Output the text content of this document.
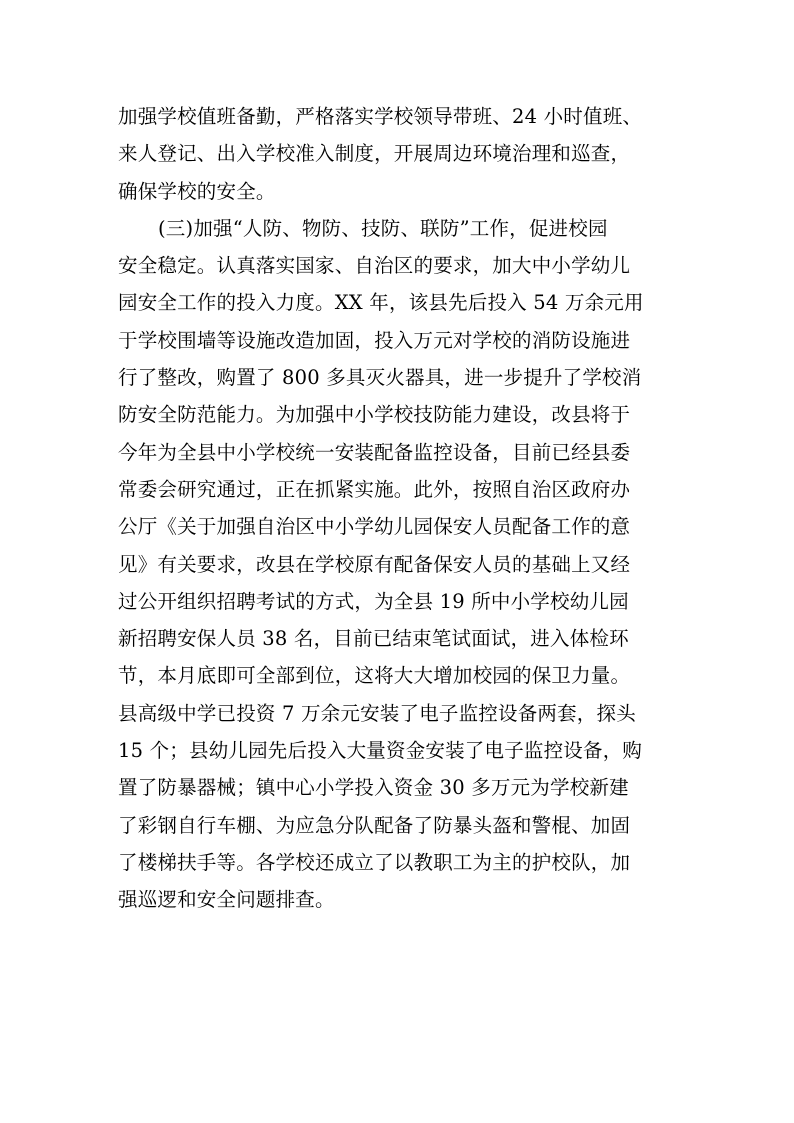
加强学校值班备勤，严格落实学校领导带班、24 小时值班、
来人登记、出入学校准入制度，开展周边环境治理和巡查，
确保学校的安全。
(三)加强“人防、物防、技防、联防”工作，促进校园
安全稳定。认真落实国家、自治区的要求，加大中小学幼儿
园安全工作的投入力度。XX 年，该县先后投入 54 万余元用
于学校围墙等设施改造加固，投入万元对学校的消防设施进
行了整改，购置了 800 多具灭火器具，进一步提升了学校消
防安全防范能力。为加强中小学校技防能力建设，改县将于
今年为全县中小学校统一安装配备监控设备，目前已经县委
常委会研究通过，正在抓紧实施。此外，按照自治区政府办
公厅《关于加强自治区中小学幼儿园保安人员配备工作的意
见》有关要求，改县在学校原有配备保安人员的基础上又经
过公开组织招聘考试的方式，为全县 19 所中小学校幼儿园
新招聘安保人员 38 名，目前已结束笔试面试，进入体检环
节，本月底即可全部到位，这将大大增加校园的保卫力量。
县高级中学已投资 7 万余元安装了电子监控设备两套，探头
15 个；县幼儿园先后投入大量资金安装了电子监控设备，购
置了防暴器械；镇中心小学投入资金 30 多万元为学校新建
了彩钢自行车棚、为应急分队配备了防暴头盔和警棍、加固
了楼梯扶手等。各学校还成立了以教职工为主的护校队，加
强巡逻和安全问题排查。
